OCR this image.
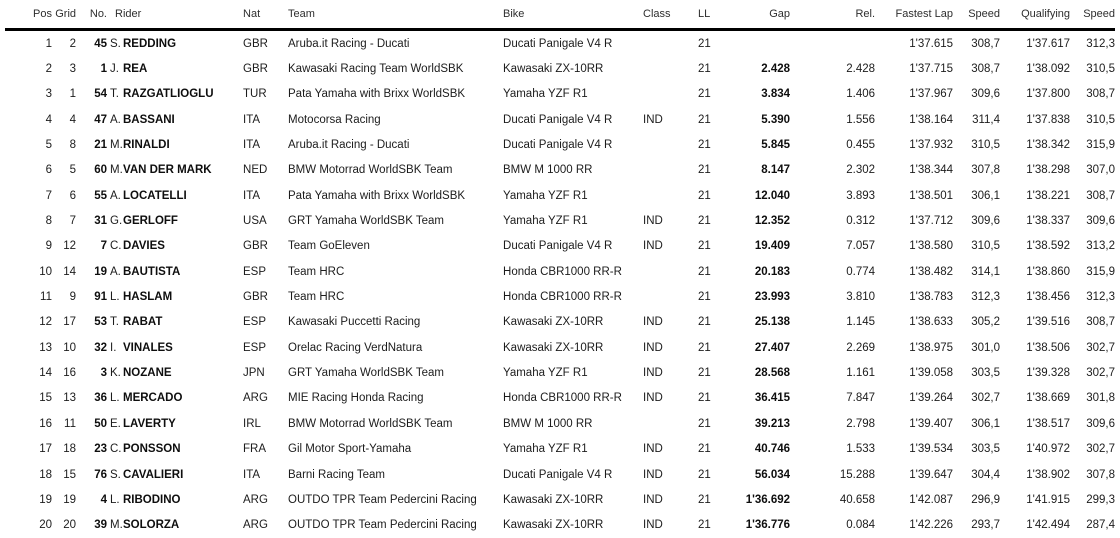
Pos	Grid	No.	Rider		Nat	Team	Bike	Class	LL	Gap	Rel.	Fastest Lap	Speed	Qualifying	Speed
1	2	45	S.	REDDING	GBR	Aruba.it Racing - Ducati	Ducati Panigale V4 R		21			1'37.615	308,7	1'37.617	312,3
2	3	1	J.	REA	GBR	Kawasaki Racing Team WorldSBK	Kawasaki ZX-10RR		21	2.428	2.428	1'37.715	308,7	1'38.092	310,5
3	1	54	T.	RAZGATLIOGLU	TUR	Pata Yamaha with Brixx WorldSBK	Yamaha YZF R1		21	3.834	1.406	1'37.967	309,6	1'37.800	308,7
4	4	47	A.	BASSANI	ITA	Motocorsa Racing	Ducati Panigale V4 R	IND	21	5.390	1.556	1'38.164	311,4	1'37.838	310,5
5	8	21	M.	RINALDI	ITA	Aruba.it Racing - Ducati	Ducati Panigale V4 R		21	5.845	0.455	1'37.932	310,5	1'38.342	315,9
6	5	60	M.	VAN DER MARK	NED	BMW Motorrad WorldSBK Team	BMW M 1000 RR		21	8.147	2.302	1'38.344	307,8	1'38.298	307,0
7	6	55	A.	LOCATELLI	ITA	Pata Yamaha with Brixx WorldSBK	Yamaha YZF R1		21	12.040	3.893	1'38.501	306,1	1'38.221	308,7
8	7	31	G.	GERLOFF	USA	GRT Yamaha WorldSBK Team	Yamaha YZF R1	IND	21	12.352	0.312	1'37.712	309,6	1'38.337	309,6
9	12	7	C.	DAVIES	GBR	Team GoEleven	Ducati Panigale V4 R	IND	21	19.409	7.057	1'38.580	310,5	1'38.592	313,2
10	14	19	A.	BAUTISTA	ESP	Team HRC	Honda CBR1000 RR-R		21	20.183	0.774	1'38.482	314,1	1'38.860	315,9
11	9	91	L.	HASLAM	GBR	Team HRC	Honda CBR1000 RR-R		21	23.993	3.810	1'38.783	312,3	1'38.456	312,3
12	17	53	T.	RABAT	ESP	Kawasaki Puccetti Racing	Kawasaki ZX-10RR	IND	21	25.138	1.145	1'38.633	305,2	1'39.516	308,7
13	10	32	I.	VINALES	ESP	Orelac Racing VerdNatura	Kawasaki ZX-10RR	IND	21	27.407	2.269	1'38.975	301,0	1'38.506	302,7
14	16	3	K.	NOZANE	JPN	GRT Yamaha WorldSBK Team	Yamaha YZF R1	IND	21	28.568	1.161	1'39.058	303,5	1'39.328	302,7
15	13	36	L.	MERCADO	ARG	MIE Racing Honda Racing	Honda CBR1000 RR-R	IND	21	36.415	7.847	1'39.264	302,7	1'38.669	301,8
16	11	50	E.	LAVERTY	IRL	BMW Motorrad WorldSBK Team	BMW M 1000 RR		21	39.213	2.798	1'39.407	306,1	1'38.517	309,6
17	18	23	C.	PONSSON	FRA	Gil Motor Sport-Yamaha	Yamaha YZF R1	IND	21	40.746	1.533	1'39.534	303,5	1'40.972	302,7
18	15	76	S.	CAVALIERI	ITA	Barni Racing Team	Ducati Panigale V4 R	IND	21	56.034	15.288	1'39.647	304,4	1'38.902	307,8
19	19	4	L.	RIBODINO	ARG	OUTDO TPR Team Pedercini Racing	Kawasaki ZX-10RR	IND	21	1'36.692	40.658	1'42.087	296,9	1'41.915	299,3
20	20	39	M.	SOLORZA	ARG	OUTDO TPR Team Pedercini Racing	Kawasaki ZX-10RR	IND	21	1'36.776	0.084	1'42.226	293,7	1'42.494	287,4
